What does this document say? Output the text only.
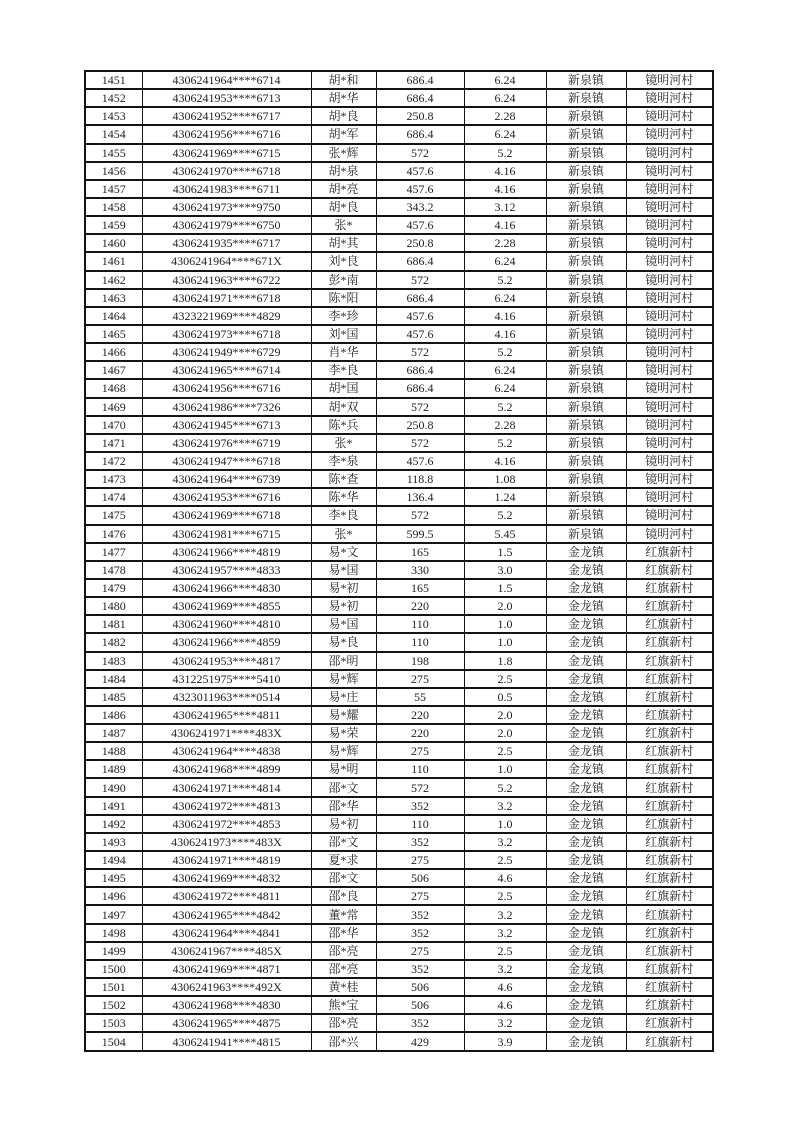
1451	4306241964****6714	胡*和	686.4	6.24	新泉镇	镜明河村
1452	4306241953****6713	胡*华	686.4	6.24	新泉镇	镜明河村
1453	4306241952****6717	胡*良	250.8	2.28	新泉镇	镜明河村
1454	4306241956****6716	胡*军	686.4	6.24	新泉镇	镜明河村
1455	4306241969****6715	张*辉	572	5.2	新泉镇	镜明河村
1456	4306241970****6718	胡*泉	457.6	4.16	新泉镇	镜明河村
1457	4306241983****6711	胡*亮	457.6	4.16	新泉镇	镜明河村
1458	4306241973****9750	胡*良	343.2	3.12	新泉镇	镜明河村
1459	4306241979****6750	张*	457.6	4.16	新泉镇	镜明河村
1460	4306241935****6717	胡*其	250.8	2.28	新泉镇	镜明河村
1461	4306241964****671X	刘*良	686.4	6.24	新泉镇	镜明河村
1462	4306241963****6722	彭*南	572	5.2	新泉镇	镜明河村
1463	4306241971****6718	陈*阳	686.4	6.24	新泉镇	镜明河村
1464	4323221969****4829	李*珍	457.6	4.16	新泉镇	镜明河村
1465	4306241973****6718	刘*国	457.6	4.16	新泉镇	镜明河村
1466	4306241949****6729	肖*华	572	5.2	新泉镇	镜明河村
1467	4306241965****6714	李*良	686.4	6.24	新泉镇	镜明河村
1468	4306241956****6716	胡*国	686.4	6.24	新泉镇	镜明河村
1469	4306241986****7326	胡*双	572	5.2	新泉镇	镜明河村
1470	4306241945****6713	陈*兵	250.8	2.28	新泉镇	镜明河村
1471	4306241976****6719	张*	572	5.2	新泉镇	镜明河村
1472	4306241947****6718	李*泉	457.6	4.16	新泉镇	镜明河村
1473	4306241964****6739	陈*查	118.8	1.08	新泉镇	镜明河村
1474	4306241953****6716	陈*华	136.4	1.24	新泉镇	镜明河村
1475	4306241969****6718	李*良	572	5.2	新泉镇	镜明河村
1476	4306241981****6715	张*	599.5	5.45	新泉镇	镜明河村
1477	4306241966****4819	易*文	165	1.5	金龙镇	红旗新村
1478	4306241957****4833	易*国	330	3.0	金龙镇	红旗新村
1479	4306241966****4830	易*初	165	1.5	金龙镇	红旗新村
1480	4306241969****4855	易*初	220	2.0	金龙镇	红旗新村
1481	4306241960****4810	易*国	110	1.0	金龙镇	红旗新村
1482	4306241966****4859	易*良	110	1.0	金龙镇	红旗新村
1483	4306241953****4817	邵*明	198	1.8	金龙镇	红旗新村
1484	4312251975****5410	易*辉	275	2.5	金龙镇	红旗新村
1485	4323011963****0514	易*庄	55	0.5	金龙镇	红旗新村
1486	4306241965****4811	易*耀	220	2.0	金龙镇	红旗新村
1487	4306241971****483X	易*荣	220	2.0	金龙镇	红旗新村
1488	4306241964****4838	易*辉	275	2.5	金龙镇	红旗新村
1489	4306241968****4899	易*明	110	1.0	金龙镇	红旗新村
1490	4306241971****4814	邵*文	572	5.2	金龙镇	红旗新村
1491	4306241972****4813	邵*华	352	3.2	金龙镇	红旗新村
1492	4306241972****4853	易*初	110	1.0	金龙镇	红旗新村
1493	4306241973****483X	邵*文	352	3.2	金龙镇	红旗新村
1494	4306241971****4819	夏*求	275	2.5	金龙镇	红旗新村
1495	4306241969****4832	邵*文	506	4.6	金龙镇	红旗新村
1496	4306241972****4811	邵*良	275	2.5	金龙镇	红旗新村
1497	4306241965****4842	董*常	352	3.2	金龙镇	红旗新村
1498	4306241964****4841	邵*华	352	3.2	金龙镇	红旗新村
1499	4306241967****485X	邵*亮	275	2.5	金龙镇	红旗新村
1500	4306241969****4871	邵*亮	352	3.2	金龙镇	红旗新村
1501	4306241963****492X	黄*桂	506	4.6	金龙镇	红旗新村
1502	4306241968****4830	熊*宝	506	4.6	金龙镇	红旗新村
1503	4306241965****4875	邵*亮	352	3.2	金龙镇	红旗新村
1504	4306241941****4815	邵*兴	429	3.9	金龙镇	红旗新村
